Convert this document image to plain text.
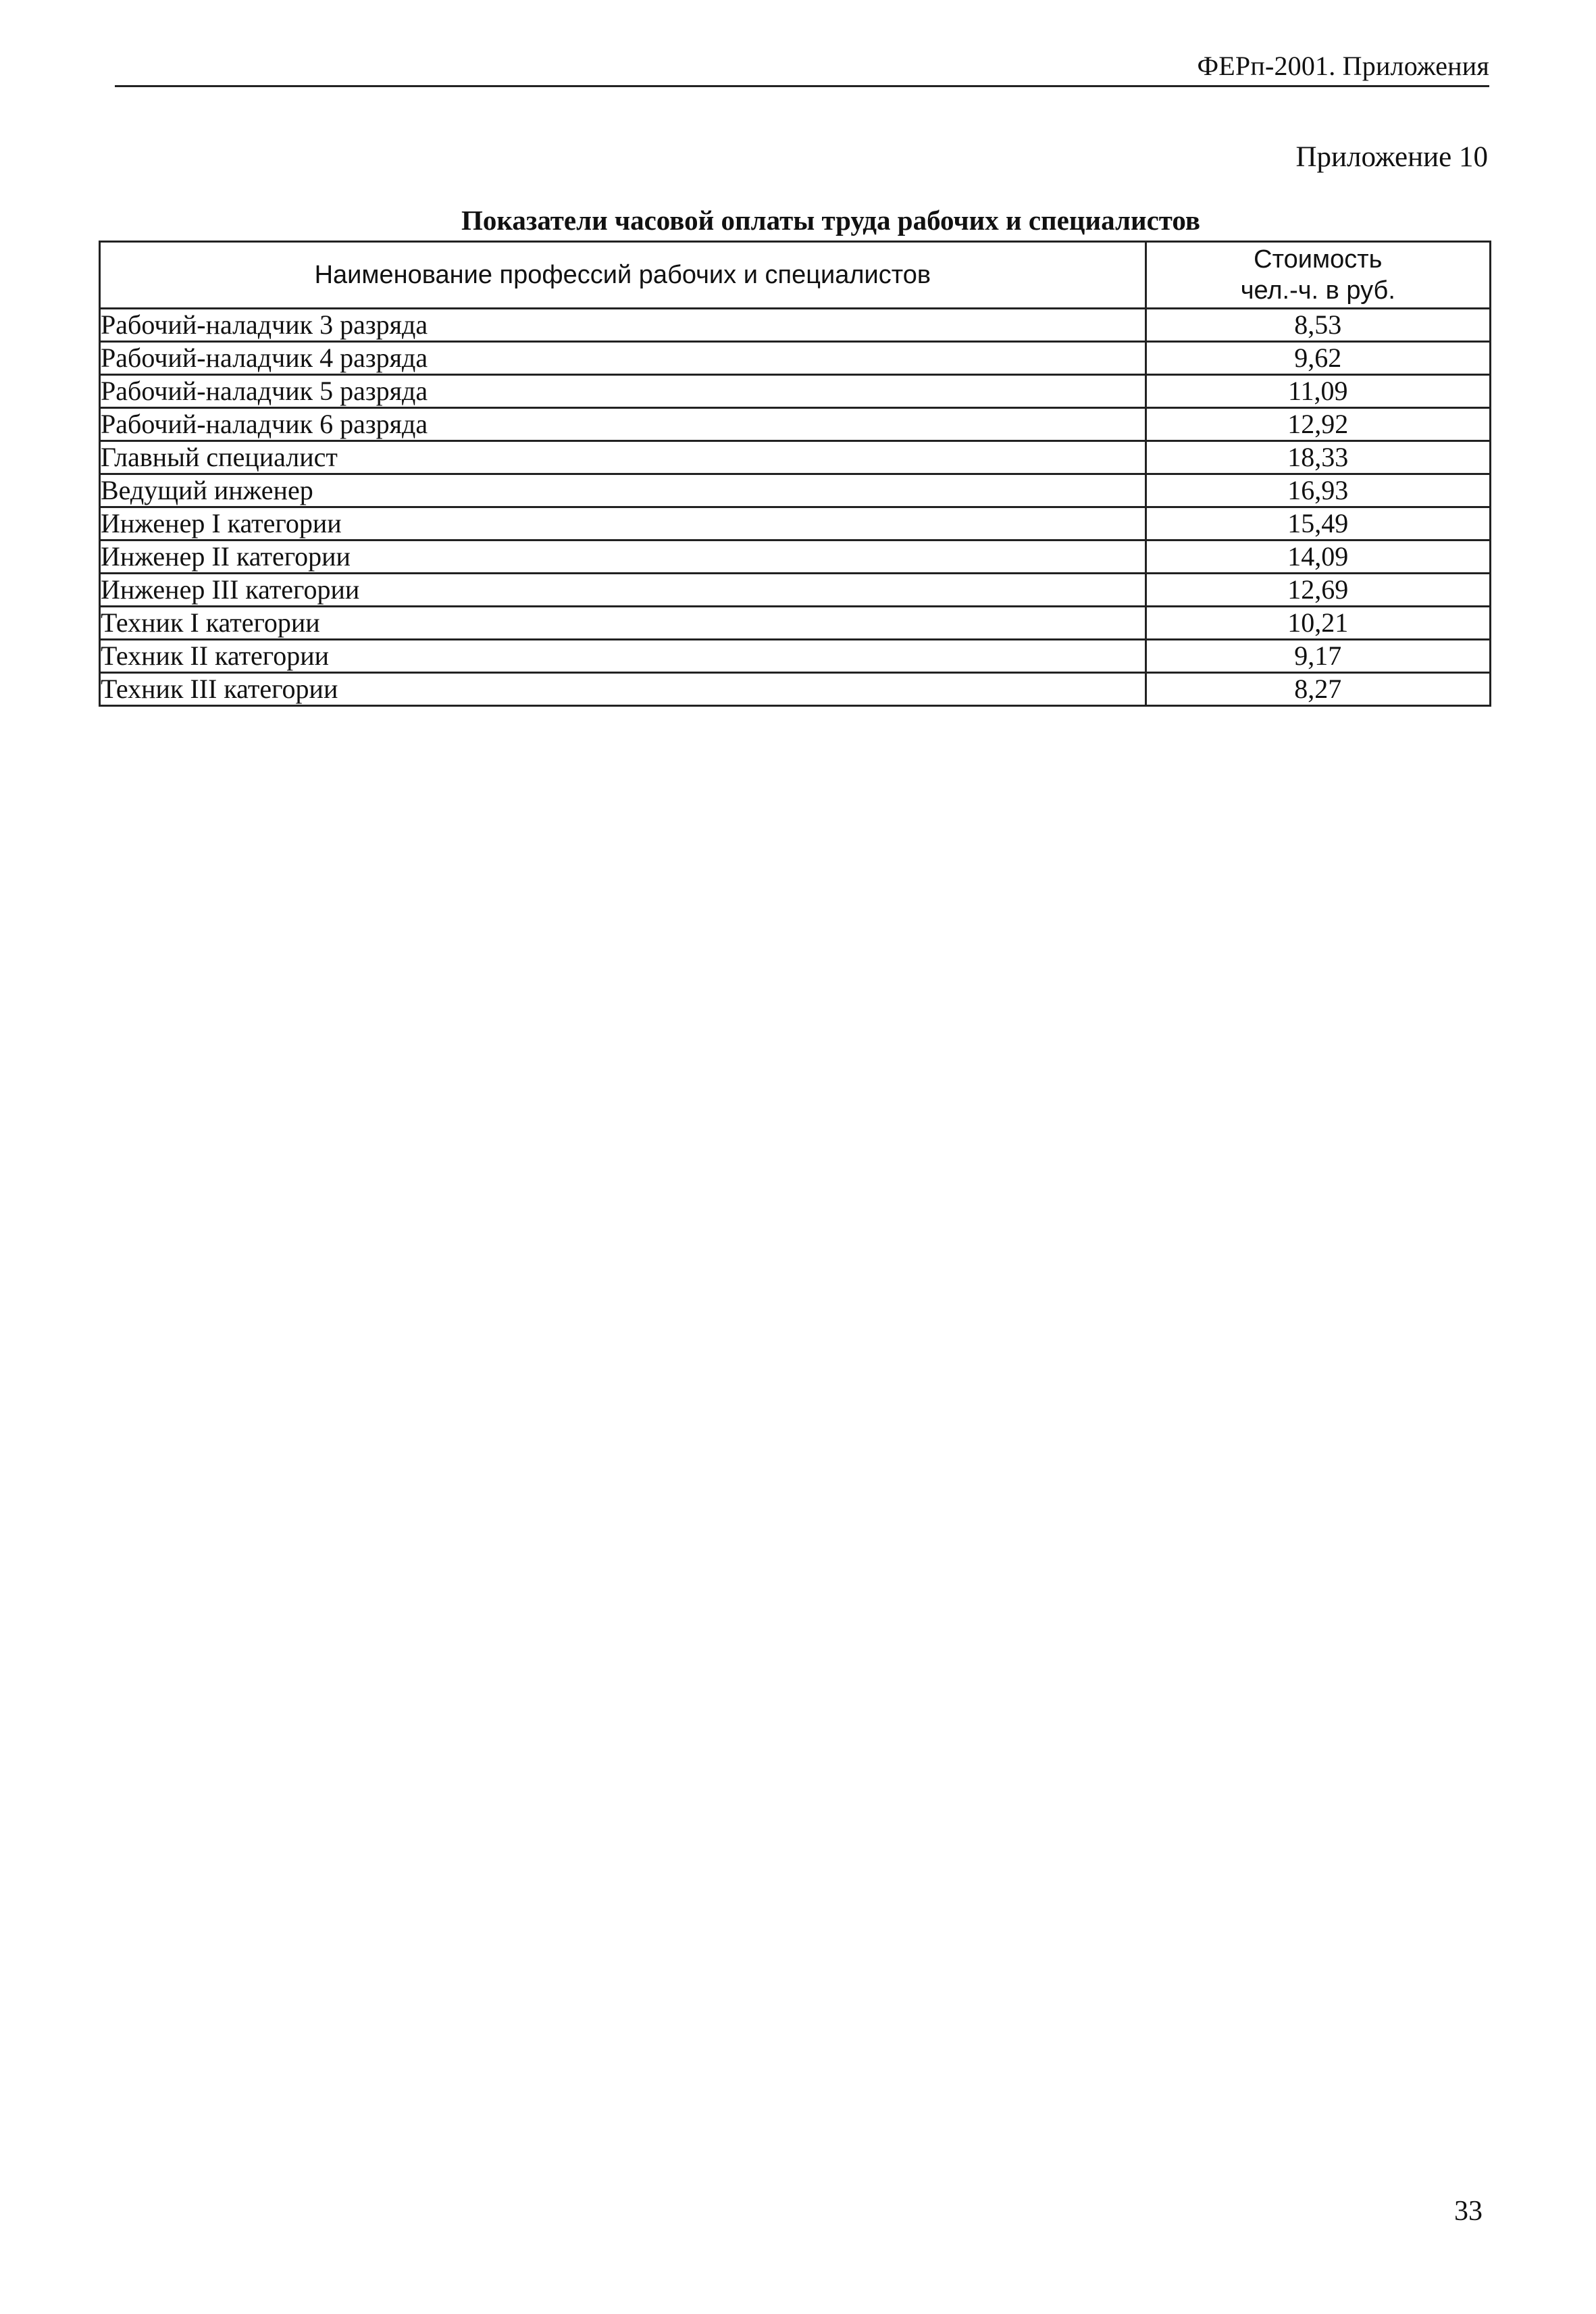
ФЕРп-2001. Приложения
Приложение 10
Показатели часовой оплаты труда рабочих и специалистов
Наименование профессий рабочих и специалистов	Стоимость
чел.-ч. в руб.

Рабочий-наладчик 3 разряда	8,53
Рабочий-наладчик 4 разряда	9,62
Рабочий-наладчик 5 разряда	11,09
Рабочий-наладчик 6 разряда	12,92
Главный специалист	18,33
Ведущий инженер	16,93
Инженер I категории	15,49
Инженер II категории	14,09
Инженер III категории	12,69
Техник I категории	10,21
Техник II категории	9,17
Техник III категории	8,27
33
